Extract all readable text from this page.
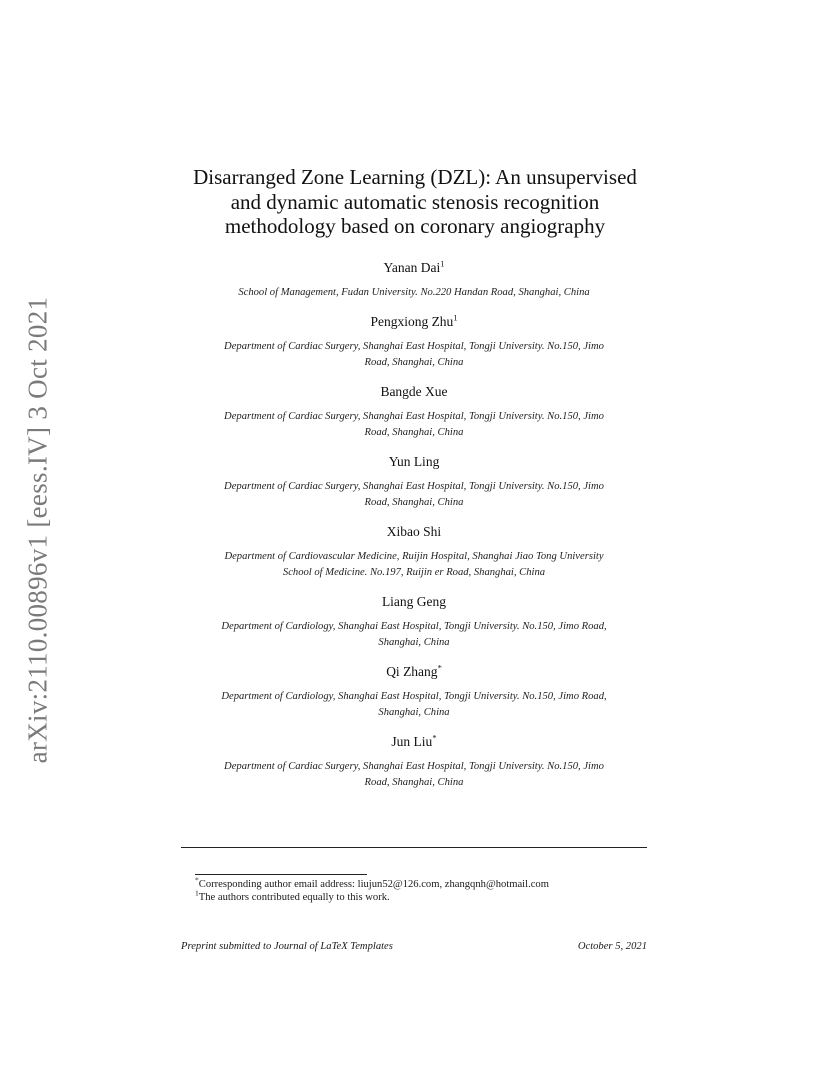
arXiv:2110.00896v1 [eess.IV] 3 Oct 2021
Disarranged Zone Learning (DZL): An unsupervised
and dynamic automatic stenosis recognition
methodology based on coronary angiography
Yanan Dai$^1$
School of Management, Fudan University. No.220 Handan Road, Shanghai, China
Pengxiong Zhu$^1$
Department of Cardiac Surgery, Shanghai East Hospital, Tongji University. No.150, Jimo
Road, Shanghai, China
Bangde Xue
Department of Cardiac Surgery, Shanghai East Hospital, Tongji University. No.150, Jimo
Road, Shanghai, China
Yun Ling
Department of Cardiac Surgery, Shanghai East Hospital, Tongji University. No.150, Jimo
Road, Shanghai, China
Xibao Shi
Department of Cardiovascular Medicine, Ruijin Hospital, Shanghai Jiao Tong University
School of Medicine. No.197, Ruijin er Road, Shanghai, China
Liang Geng
Department of Cardiology, Shanghai East Hospital, Tongji University. No.150, Jimo Road,
Shanghai, China
Qi Zhang*
Department of Cardiology, Shanghai East Hospital, Tongji University. No.150, Jimo Road,
Shanghai, China
Jun Liu*
Department of Cardiac Surgery, Shanghai East Hospital, Tongji University. No.150, Jimo
Road, Shanghai, China
*Corresponding author email address: liujun52@126.com, zhangqnh@hotmail.com
$^1$The authors contributed equally to this work.
Preprint submitted to Journal of LaTeX Templates	October 5, 2021
